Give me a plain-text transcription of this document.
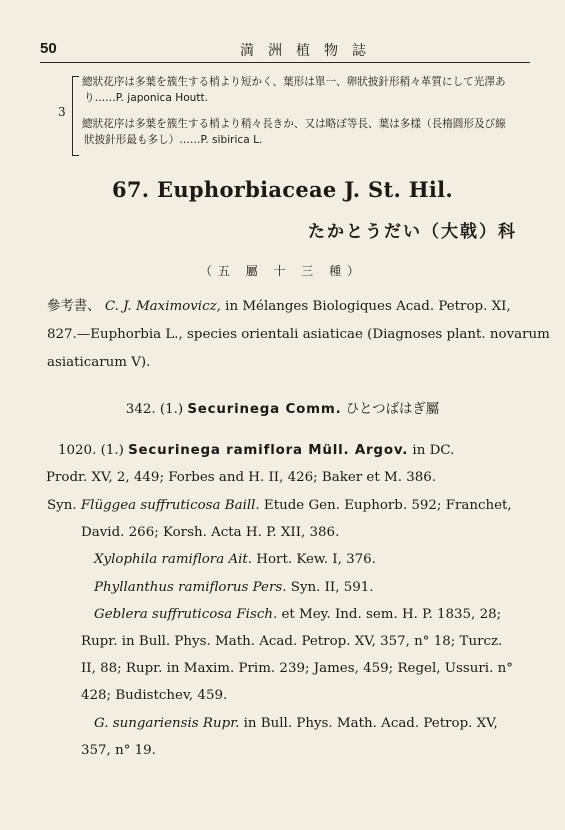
50	満洲植物誌
3
總狀花序は多葉を簇生する梢より短かく、葉形は單一、卵狀披針形稍々革質にして光澤あ
り……P. japonica Houtt.
總狀花序は多葉を簇生する梢より稍々長きか、又は略ぼ等長、葉は多樣（長楕圓形及び線
狀披針形最も多し）……P. sibirica L.
67. Euphorbiaceae J. St. Hil.
たかとうだい（大戟）科
（五 屬 十 三 種）
參考書、 C. J. Maximovicz, in Mélanges Biologiques Acad. Petrop. XI,
827.—Euphorbia L., species orientali asiaticae (Diagnoses plant. novarum
asiaticarum V).
342. (1.) Securinega Comm. ひとつばはぎ屬
1020. (1.) Securinega ramiflora Müll. Argov. in DC.
Prodr. XV, 2, 449; Forbes and H. II, 426; Baker et M. 386.
Syn. Flüggea suffruticosa Baill. Etude Gen. Euphorb. 592; Franchet,
David. 266; Korsh. Acta H. P. XII, 386.
Xylophila ramiflora Ait. Hort. Kew. I, 376.
Phyllanthus ramiflorus Pers. Syn. II, 591.
Geblera suffruticosa Fisch. et Mey. Ind. sem. H. P. 1835, 28;
Rupr. in Bull. Phys. Math. Acad. Petrop. XV, 357, n° 18; Turcz.
II, 88; Rupr. in Maxim. Prim. 239; James, 459; Regel, Ussuri. n°
428; Budistchev, 459.
G. sungariensis Rupr. in Bull. Phys. Math. Acad. Petrop. XV,
357, n° 19.
